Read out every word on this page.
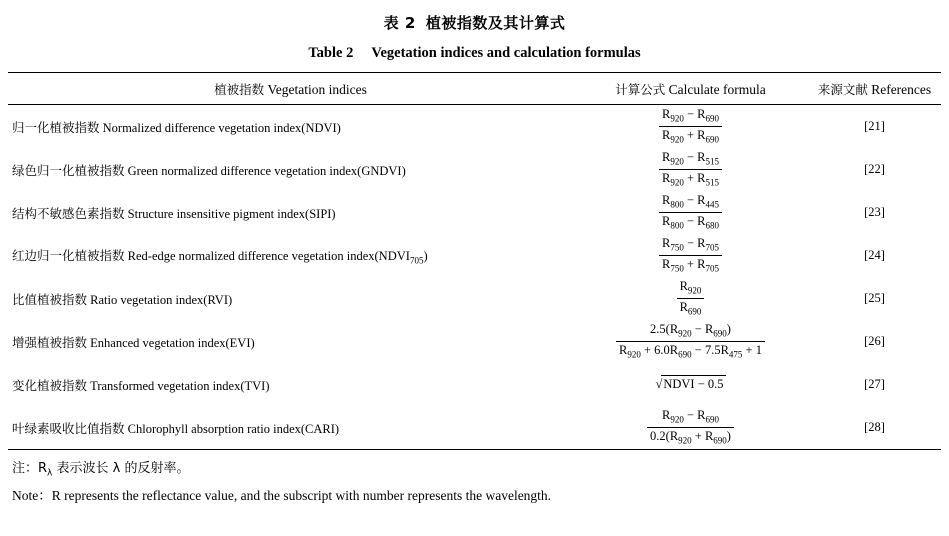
表 2 植被指数及其计算式
Table 2 Vegetation indices and calculation formulas
植被指数 Vegetation indices	计算公式 Calculate formula	来源文献 References
归一化植被指数 Normalized difference vegetation index(NDVI)	$\frac{R_{920} - R_{690}}{R_{920} + R_{690}}$	[21]
绿色归一化植被指数 Green normalized difference vegetation index(GNDVI)	$\frac{R_{920} - R_{515}}{R_{920} + R_{515}}$	[22]
结构不敏感色素指数 Structure insensitive pigment index(SIPI)	$\frac{R_{800} - R_{445}}{R_{800} - R_{680}}$	[23]
红边归一化植被指数 Red-edge normalized difference vegetation $index(NDVI_{705})$	$\frac{R_{750} - R_{705}}{R_{750} + R_{705}}$	[24]
比值植被指数 Ratio vegetation index(RVI)	$\frac{R_{920}}{R_{690}}$	[25]
增强植被指数 Enhanced vegetation index(EVI)	$\frac{2.5(R_{920} - R_{690})}{R_{920} + 6.0R_{690} - 7.5R_{475} + 1}$	[26]
变化植被指数 Transformed vegetation index(TVI)	√NDVI − 0.5	[27]
叶绿素吸收比值指数 Chlorophyll absorption ratio index(CARI)	$\frac{R_{920} - R_{690}}{0.2(R_{920} + R_{690})}$	[28]
注：$R_\lambda$ 表示波长 λ 的反射率。
Note：R represents the reflectance value, and the subscript with number represents the wavelength.
